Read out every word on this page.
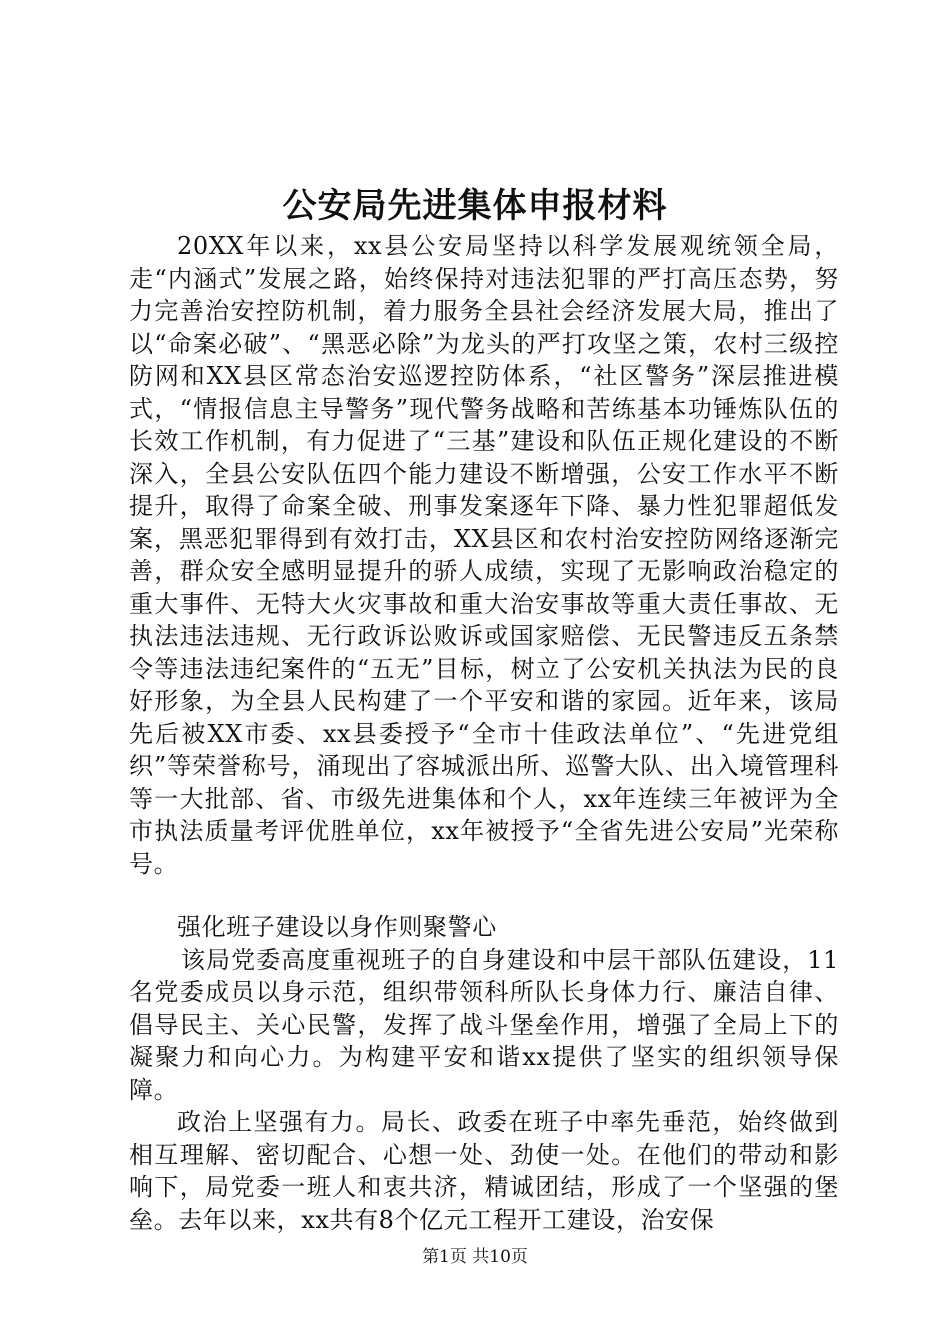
公安局先进集体申报材料

20XX年以来，xx县公安局坚持以科学发展观统领全局，走“内涵式”发展之路，始终保持对违法犯罪的严打高压态势，努力完善治安控防机制，着力服务全县社会经济发展大局，推出了以“命案必破”、“黑恶必除”为龙头的严打攻坚之策，农村三级控防网和XX县区常态治安巡逻控防体系，“社区警务”深层推进模式，“情报信息主导警务”现代警务战略和苦练基本功锤炼队伍的长效工作机制，有力促进了“三基”建设和队伍正规化建设的不断深入，全县公安队伍四个能力建设不断增强，公安工作水平不断提升，取得了命案全破、刑事发案逐年下降、暴力性犯罪超低发案，黑恶犯罪得到有效打击，XX县区和农村治安控防网络逐渐完善，群众安全感明显提升的骄人成绩，实现了无影响政治稳定的重大事件、无特大火灾事故和重大治安事故等重大责任事故、无执法违法违规、无行政诉讼败诉或国家赔偿、无民警违反五条禁令等违法违纪案件的“五无”目标，树立了公安机关执法为民的良好形象，为全县人民构建了一个平安和谐的家园。近年来，该局先后被XX市委、xx县委授予“全市十佳政法单位”、“先进党组织”等荣誉称号，涌现出了容城派出所、巡警大队、出入境管理科等一大批部、省、市级先进集体和个人，xx年连续三年被评为全市执法质量考评优胜单位，xx年被授予“全省先进公安局”光荣称号。

强化班子建设以身作则聚警心

该局党委高度重视班子的自身建设和中层干部队伍建设，11名党委成员以身示范，组织带领科所队长身体力行、廉洁自律、倡导民主、关心民警，发挥了战斗堡垒作用，增强了全局上下的凝聚力和向心力。为构建平安和谐xx提供了坚实的组织领导保障。

政治上坚强有力。局长、政委在班子中率先垂范，始终做到相互理解、密切配合、心想一处、劲使一处。在他们的带动和影响下，局党委一班人和衷共济，精诚团结，形成了一个坚强的堡垒。去年以来，xx共有8个亿元工程开工建设，治安保

第1页 共10页
